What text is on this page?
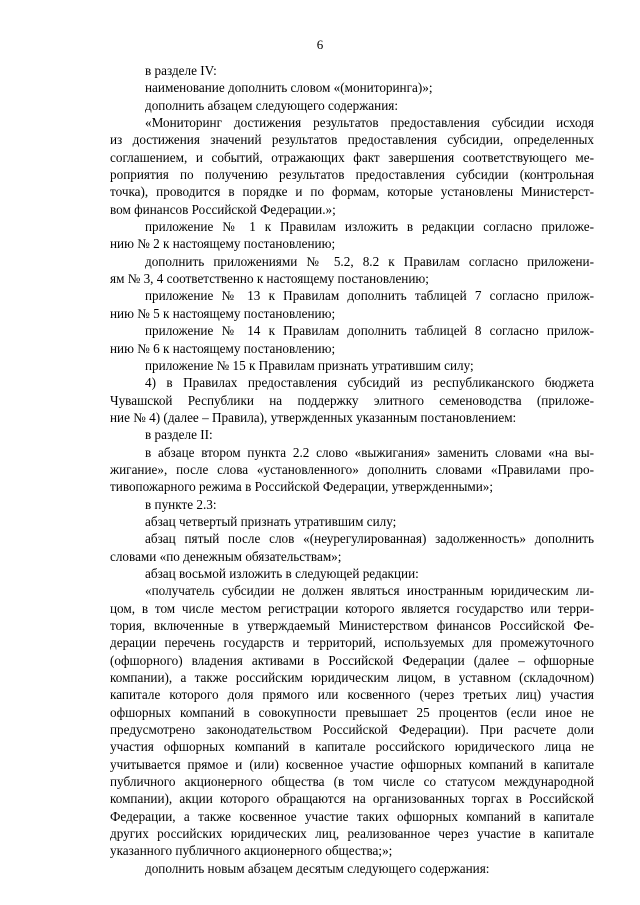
6
в разделе IV:
наименование дополнить словом «(мониторинга)»;
дополнить абзацем следующего содержания:
«Мониторинг достижения результатов предоставления субсидии исходя
из достижения значений результатов предоставления субсидии, определенных
соглашением, и событий, отражающих факт завершения соответствующего ме-
роприятия по получению результатов предоставления субсидии (контрольная
точка), проводится в порядке и по формам, которые установлены Министерст-
вом финансов Российской Федерации.»;
приложение № 1 к Правилам изложить в редакции согласно приложе-
нию № 2 к настоящему постановлению;
дополнить приложениями № 5.2, 8.2 к Правилам согласно приложени-
ям № 3, 4 соответственно к настоящему постановлению;
приложение № 13 к Правилам дополнить таблицей 7 согласно прилож-
нию № 5 к настоящему постановлению;
приложение № 14 к Правилам дополнить таблицей 8 согласно прилож-
нию № 6 к настоящему постановлению;
приложение № 15 к Правилам признать утратившим силу;
4) в Правилах предоставления субсидий из республиканского бюджета
Чувашской Республики на поддержку элитного семеноводства (приложе-
ние № 4) (далее – Правила), утвержденных указанным постановлением:
в разделе II:
в абзаце втором пункта 2.2 слово «выжигания» заменить словами «на вы-
жигание», после слова «установленного» дополнить словами «Правилами про-
тивопожарного режима в Российской Федерации, утвержденными»;
в пункте 2.3:
абзац четвертый признать утратившим силу;
абзац пятый после слов «(неурегулированная) задолженность» дополнить
словами «по денежным обязательствам»;
абзац восьмой изложить в следующей редакции:
«получатель субсидии не должен являться иностранным юридическим ли-
цом, в том числе местом регистрации которого является государство или терри-
тория, включенные в утверждаемый Министерством финансов Российской Фе-
дерации перечень государств и территорий, используемых для промежуточного
(офшорного) владения активами в Российской Федерации (далее – офшорные
компании), а также российским юридическим лицом, в уставном (складочном)
капитале которого доля прямого или косвенного (через третьих лиц) участия
офшорных компаний в совокупности превышает 25 процентов (если иное не
предусмотрено законодательством Российской Федерации). При расчете доли
участия офшорных компаний в капитале российского юридического лица не
учитывается прямое и (или) косвенное участие офшорных компаний в капитале
публичного акционерного общества (в том числе со статусом международной
компании), акции которого обращаются на организованных торгах в Российской
Федерации, а также косвенное участие таких офшорных компаний в капитале
других российских юридических лиц, реализованное через участие в капитале
указанного публичного акционерного общества;»;
дополнить новым абзацем десятым следующего содержания:
